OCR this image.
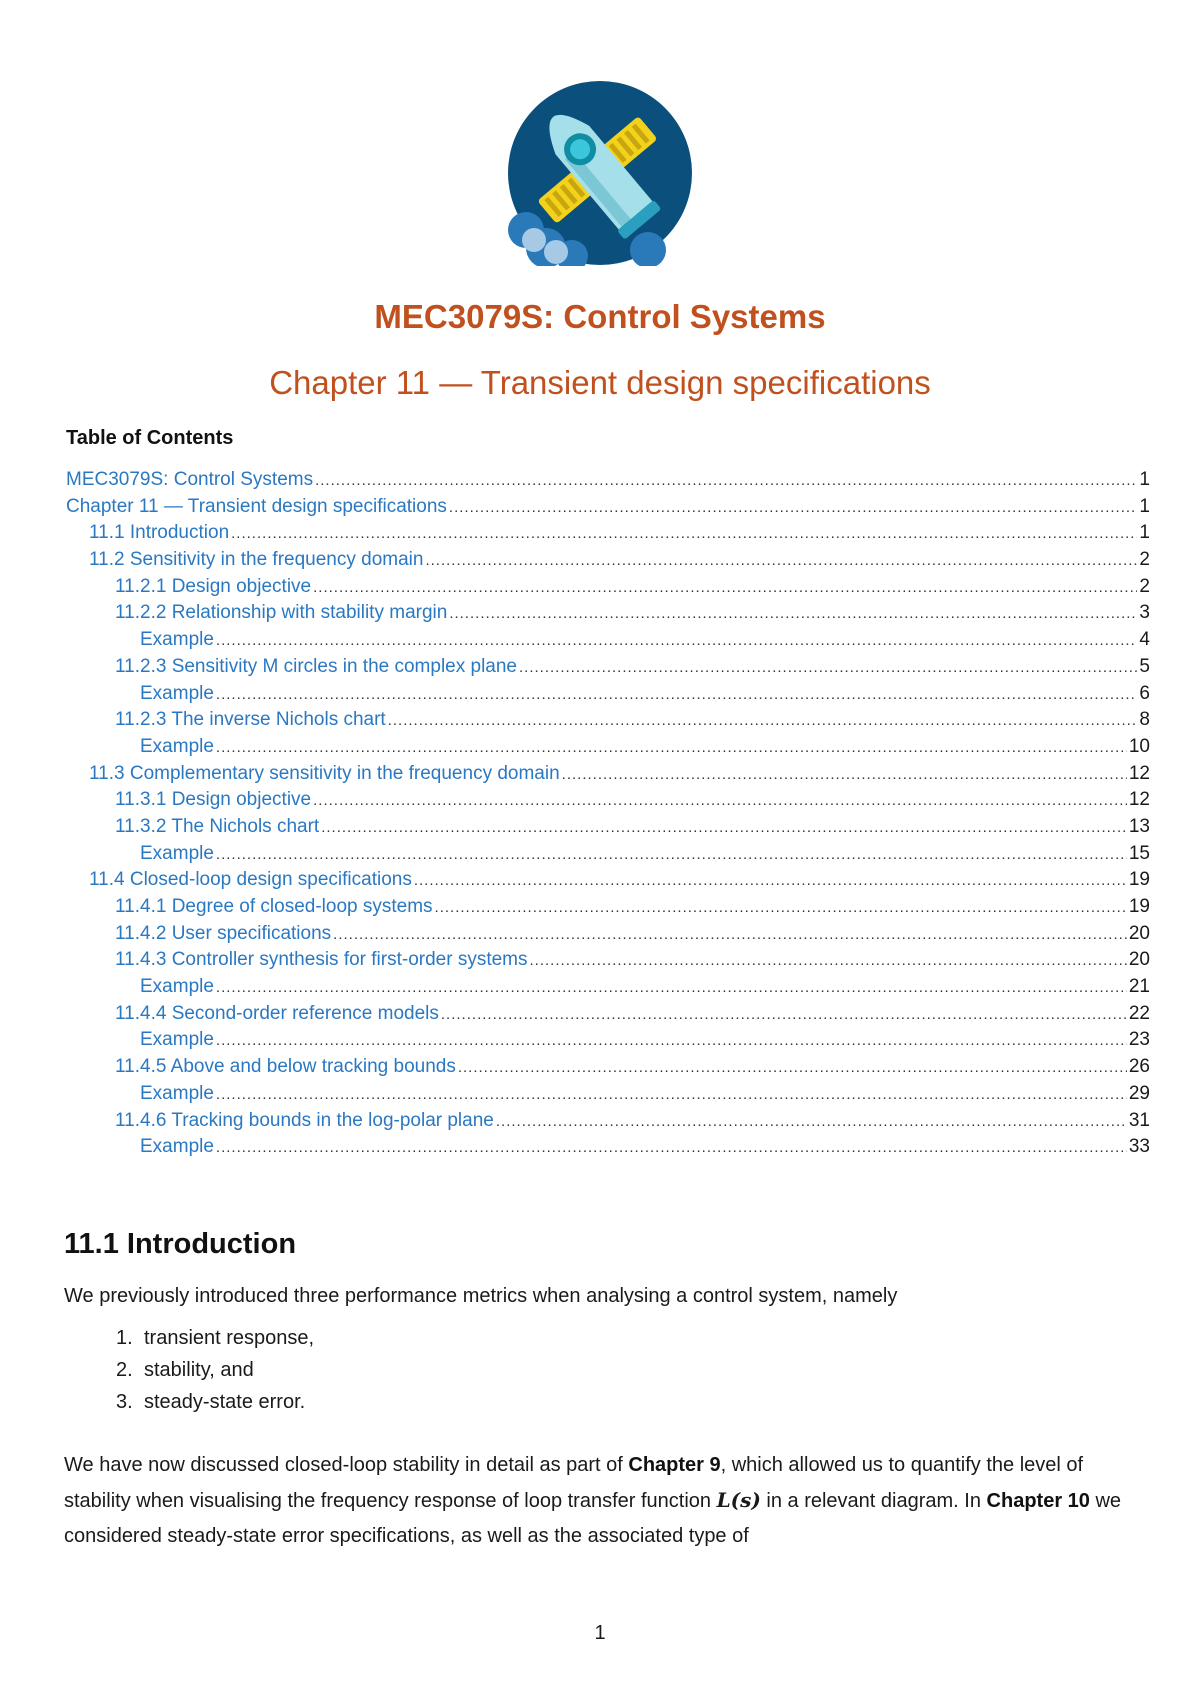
MEC3079S: Control Systems
Chapter 11 — Transient design specifications
Table of Contents
MEC3079S: Control Systems .....	1
Chapter 11 — Transient design specifications .....	1
11.1 Introduction .....	1
11.2 Sensitivity in the frequency domain .....	2
11.2.1 Design objective .....	2
11.2.2 Relationship with stability margin .....	3
Example .....	4
11.2.3 Sensitivity M circles in the complex plane .....	5
Example .....	6
11.2.3 The inverse Nichols chart .....	8
Example .....	10
11.3 Complementary sensitivity in the frequency domain .....	12
11.3.1 Design objective .....	12
11.3.2 The Nichols chart .....	13
Example .....	15
11.4 Closed-loop design specifications .....	19
11.4.1 Degree of closed-loop systems .....	19
11.4.2 User specifications .....	20
11.4.3 Controller synthesis for first-order systems .....	20
Example .....	21
11.4.4 Second-order reference models .....	22
Example .....	23
11.4.5 Above and below tracking bounds .....	26
Example .....	29
11.4.6 Tracking bounds in the log-polar plane .....	31
Example .....	33
11.1 Introduction

We previously introduced three performance metrics when analysing a control system, namely

1. transient response,
2. stability, and
3. steady-state error.

We have now discussed closed-loop stability in detail as part of Chapter 9, which allowed us to quantify the level of stability when visualising the frequency response of loop transfer function L(s) in a relevant diagram. In Chapter 10 we considered steady-state error specifications, as well as the associated type of

1
